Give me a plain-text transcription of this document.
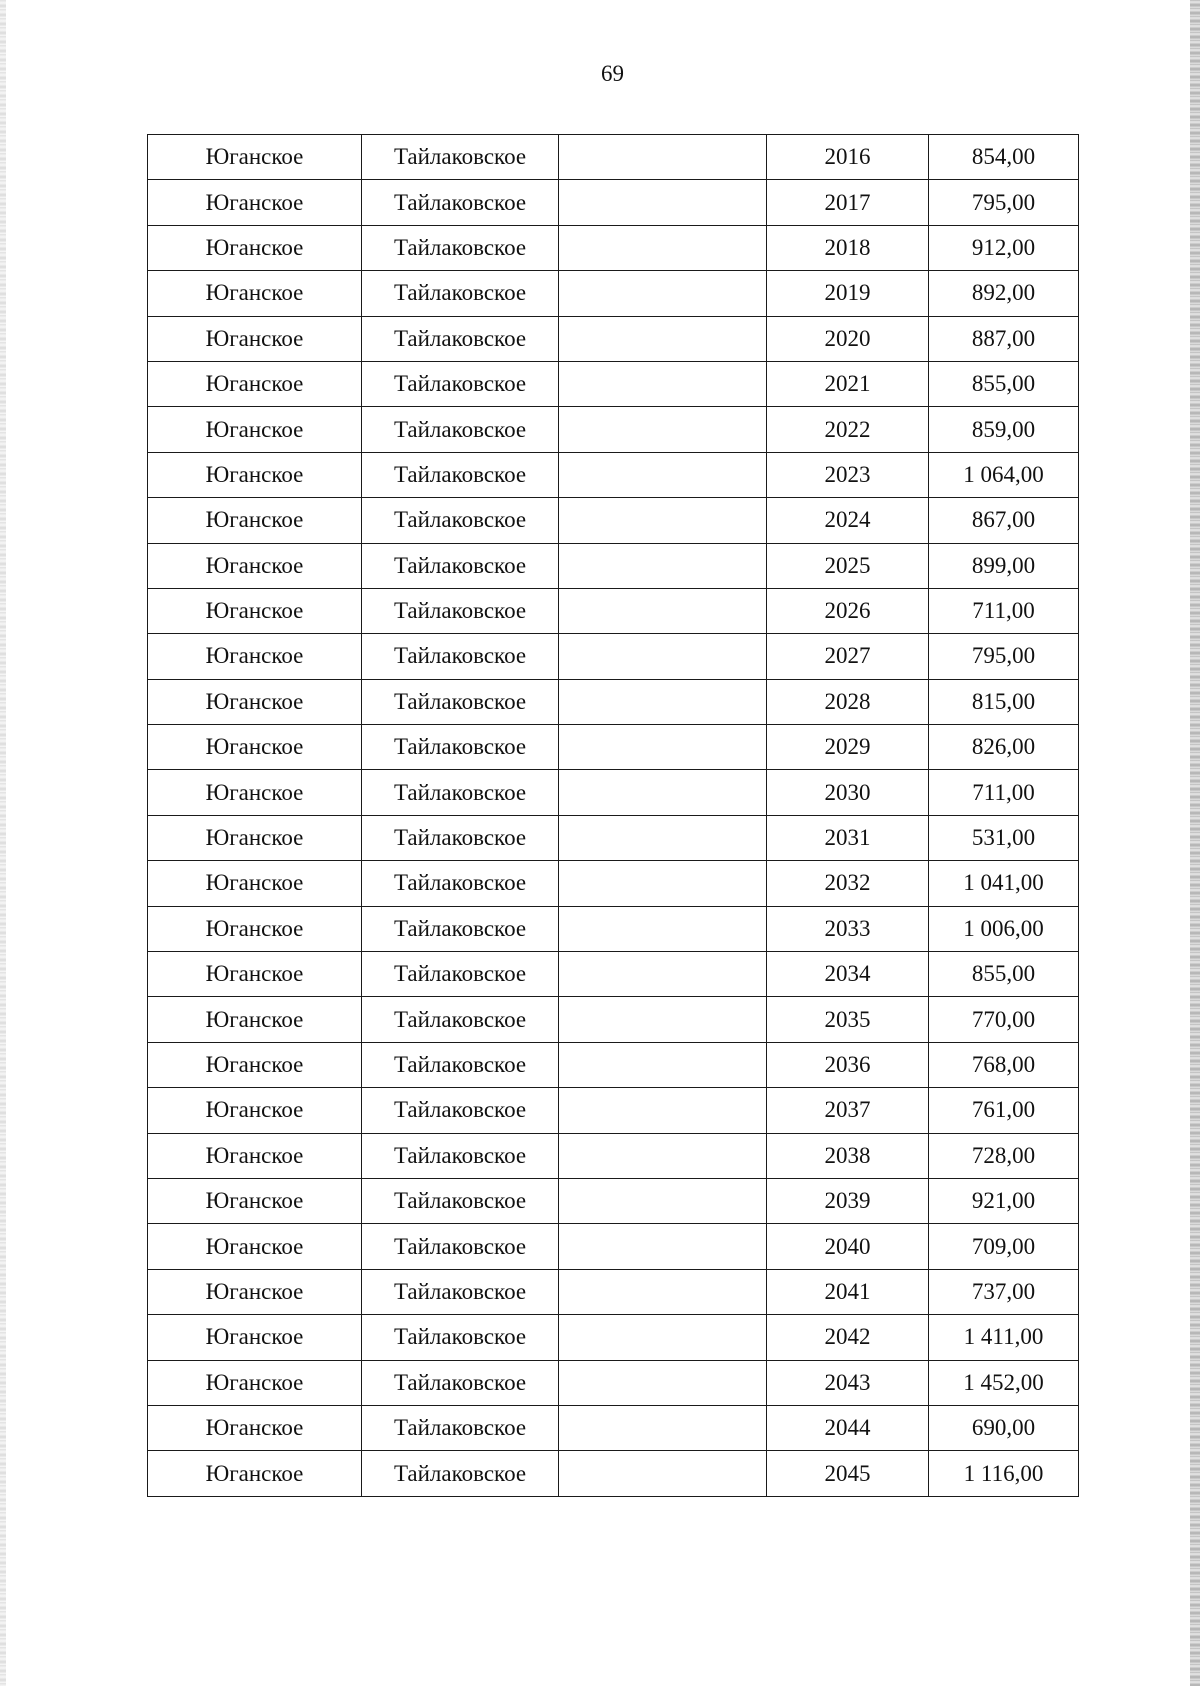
69
Юганское	Тайлаковское		2016	854,00
Юганское	Тайлаковское		2017	795,00
Юганское	Тайлаковское		2018	912,00
Юганское	Тайлаковское		2019	892,00
Юганское	Тайлаковское		2020	887,00
Юганское	Тайлаковское		2021	855,00
Юганское	Тайлаковское		2022	859,00
Юганское	Тайлаковское		2023	1 064,00
Юганское	Тайлаковское		2024	867,00
Юганское	Тайлаковское		2025	899,00
Юганское	Тайлаковское		2026	711,00
Юганское	Тайлаковское		2027	795,00
Юганское	Тайлаковское		2028	815,00
Юганское	Тайлаковское		2029	826,00
Юганское	Тайлаковское		2030	711,00
Юганское	Тайлаковское		2031	531,00
Юганское	Тайлаковское		2032	1 041,00
Юганское	Тайлаковское		2033	1 006,00
Юганское	Тайлаковское		2034	855,00
Юганское	Тайлаковское		2035	770,00
Юганское	Тайлаковское		2036	768,00
Юганское	Тайлаковское		2037	761,00
Юганское	Тайлаковское		2038	728,00
Юганское	Тайлаковское		2039	921,00
Юганское	Тайлаковское		2040	709,00
Юганское	Тайлаковское		2041	737,00
Юганское	Тайлаковское		2042	1 411,00
Юганское	Тайлаковское		2043	1 452,00
Юганское	Тайлаковское		2044	690,00
Юганское	Тайлаковское		2045	1 116,00
